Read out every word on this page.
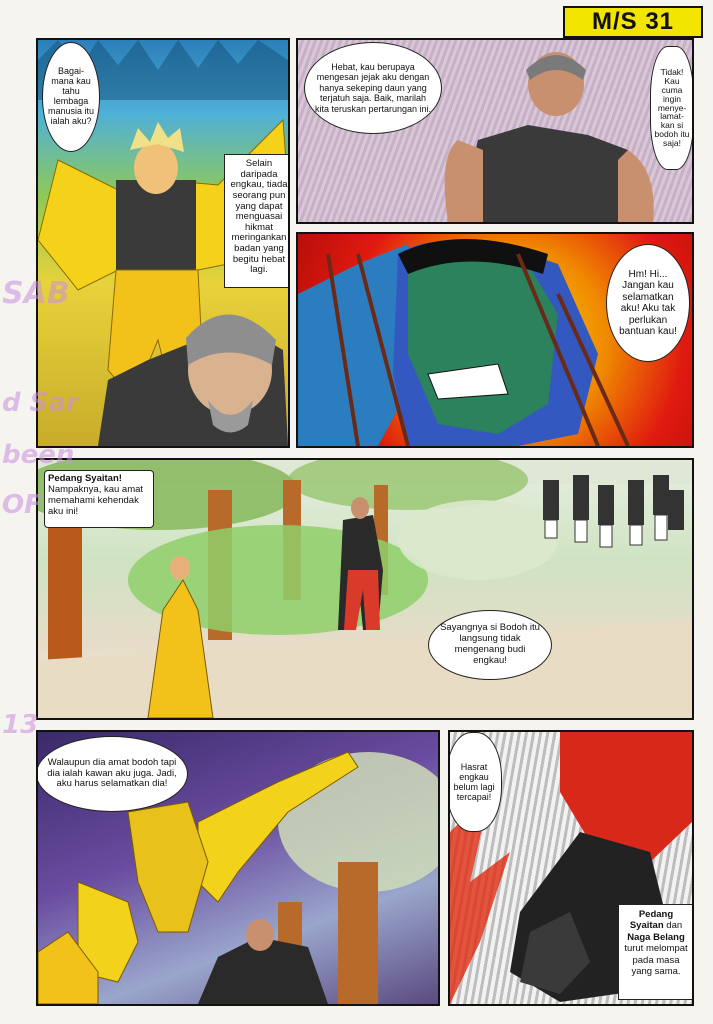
M/S 31
Bagai-mana kau tahu lembaga manusia itu ialah aku?
Selain daripada engkau, tiada seorang pun yang dapat menguasai hikmat meringankan badan yang begitu hebat lagi.
Hebat, kau berupaya mengesan jejak aku dengan hanya sekeping daun yang terjatuh saja. Baik, marilah kita teruskan pertarungan ini.
Tidak! Kau cuma ingin menye-lamat-kan si bodoh itu saja!
Hm! Hi... Jangan kau selamatkan aku! Aku tak perlukan bantuan kau!
Pedang Syaitan! Nampaknya, kau amat memahami kehendak aku ini!
Sayangnya si Bodoh itu langsung tidak mengenang budi engkau!
Walaupun dia amat bodoh tapi dia ialah kawan aku juga. Jadi, aku harus selamatkan dia!
Hasrat engkau belum lagi tercapai!
Pedang Syaitan dan Naga Belang turut melompat pada masa yang sama.
SAB
d Sar
been
OF
13
